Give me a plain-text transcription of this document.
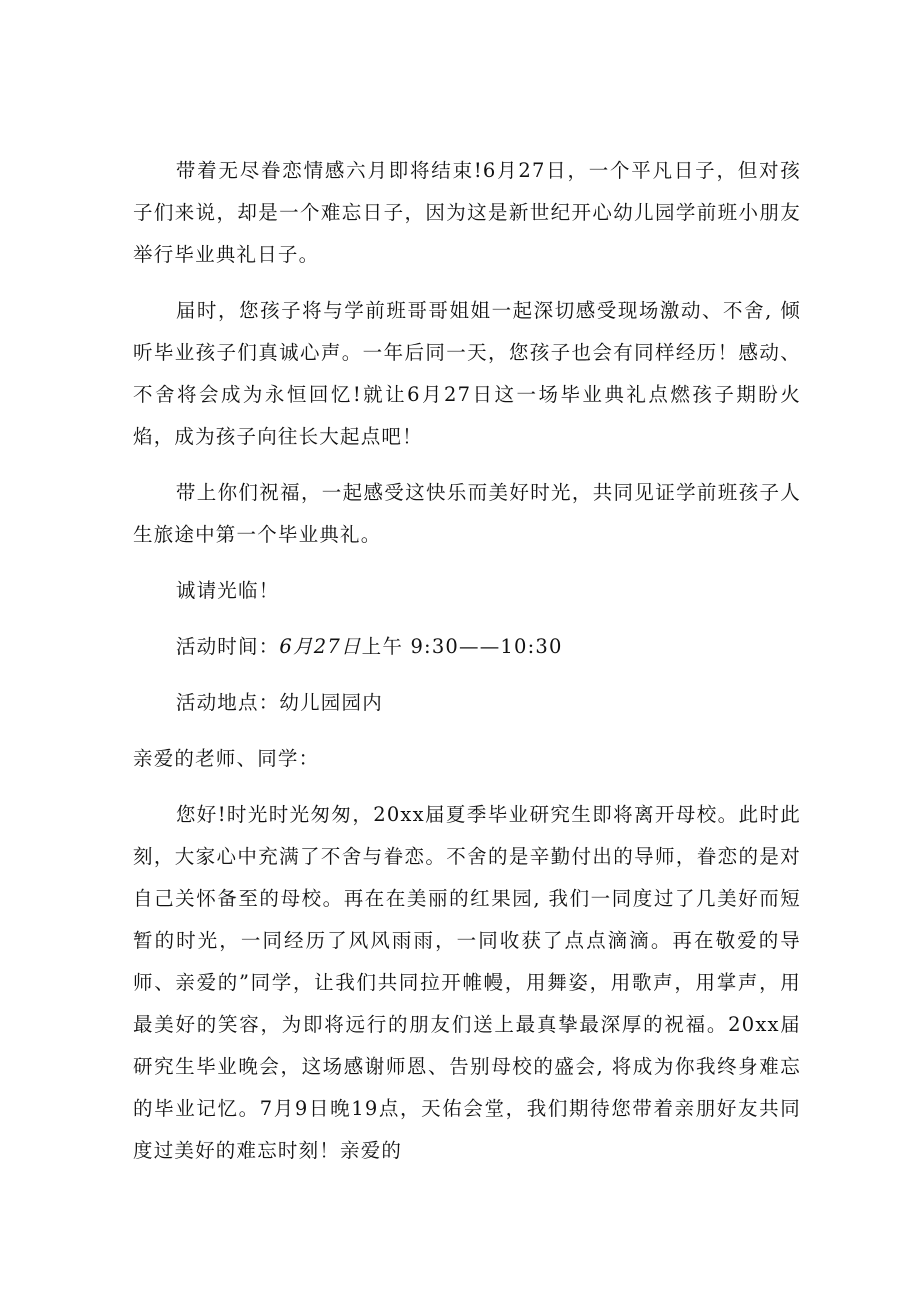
带着无尽眷恋情感六月即将结束!6月27日，一个平凡日子，但对孩子们来说，却是一个难忘日子，因为这是新世纪开心幼儿园学前班小朋友举行毕业典礼日子。

届时，您孩子将与学前班哥哥姐姐一起深切感受现场激动、不舍, 倾听毕业孩子们真诚心声。一年后同一天，您孩子也会有同样经历！感动、不舍将会成为永恒回忆!就让6月27日这一场毕业典礼点燃孩子期盼火焰，成为孩子向往长大起点吧！

带上你们祝福，一起感受这快乐而美好时光，共同见证学前班孩子人生旅途中第一个毕业典礼。

诚请光临！

活动时间：6月27日上午 9:30——10:30

活动地点：幼儿园园内

亲爱的老师、同学：

您好!时光时光匆匆，20xx届夏季毕业研究生即将离开母校。此时此刻，大家心中充满了不舍与眷恋。不舍的是辛勤付出的导师，眷恋的是对自己关怀备至的母校。再在在美丽的红果园, 我们一同度过了几美好而短暂的时光，一同经历了风风雨雨，一同收获了点点滴滴。再在敬爱的导师、亲爱的”同学，让我们共同拉开帷幔，用舞姿，用歌声，用掌声，用最美好的笑容，为即将远行的朋友们送上最真挚最深厚的祝福。20xx届研究生毕业晚会，这场感谢师恩、告别母校的盛会, 将成为你我终身难忘的毕业记忆。7月9日晚19点，天佑会堂，我们期待您带着亲朋好友共同度过美好的难忘时刻！亲爱的
